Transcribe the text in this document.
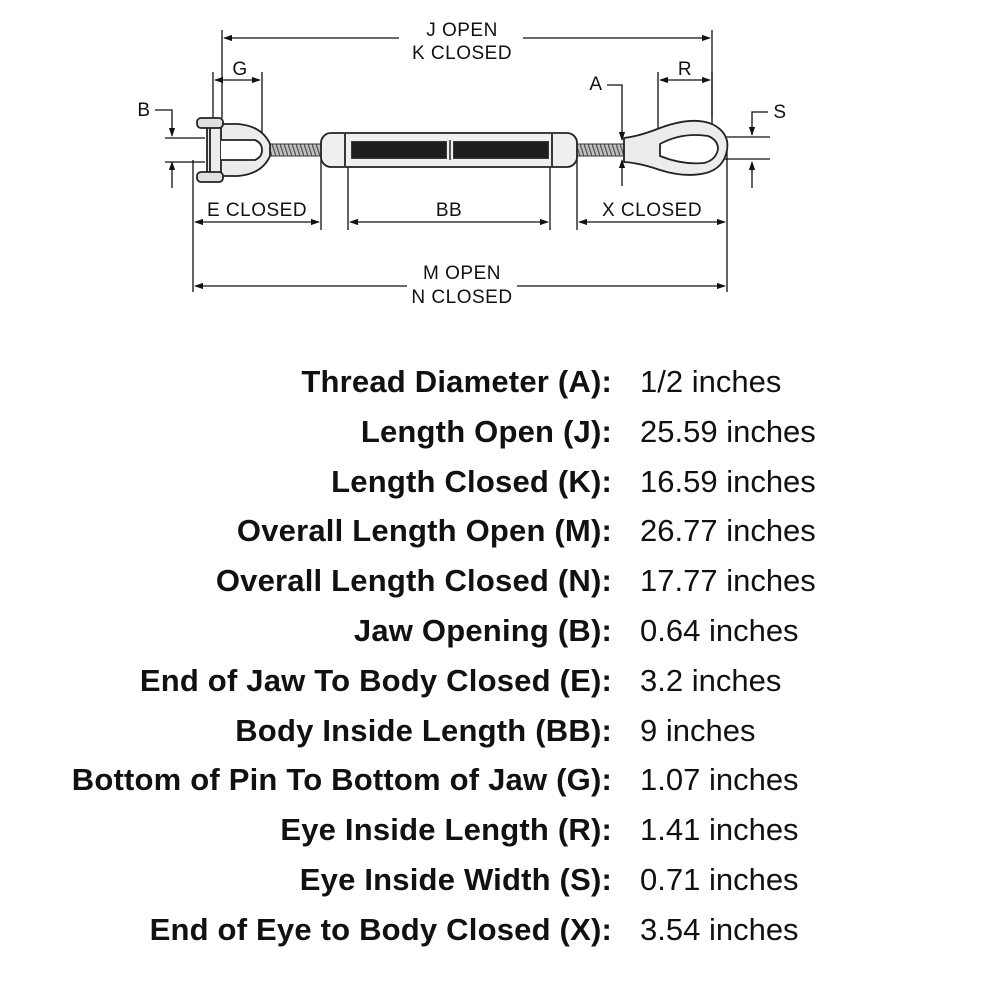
J OPEN
K CLOSED
G
A
R
B	S
E CLOSED	BB	X CLOSED
M OPEN
N CLOSED
Thread Diameter (A): 1/2 inches
Length Open (J): 25.59 inches
Length Closed (K): 16.59 inches
Overall Length Open (M): 26.77 inches
Overall Length Closed (N): 17.77 inches
Jaw Opening (B): 0.64 inches
End of Jaw To Body Closed (E): 3.2 inches
Body Inside Length (BB): 9 inches
Bottom of Pin To Bottom of Jaw (G): 1.07 inches
Eye Inside Length (R): 1.41 inches
Eye Inside Width (S): 0.71 inches
End of Eye to Body Closed (X): 3.54 inches
